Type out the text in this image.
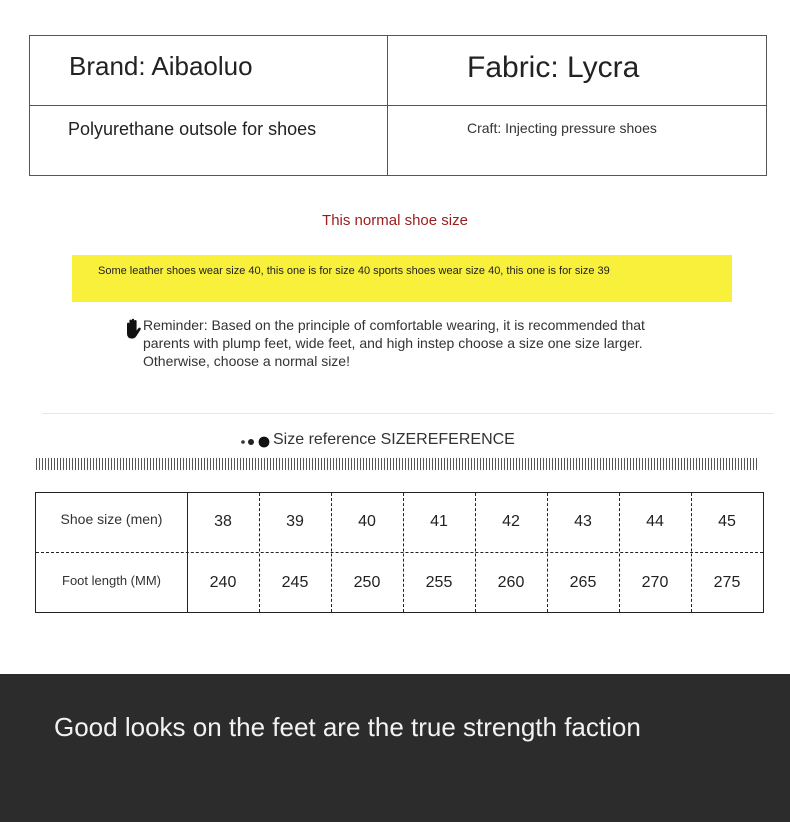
Brand: Aibaoluo	Fabric: Lycra
Polyurethane outsole for shoes	Craft: Injecting pressure shoes
This normal shoe size
Some leather shoes wear size 40, this one is for size 40 sports shoes wear size 40, this one is for size 39
Reminder: Based on the principle of comfortable wearing, it is recommended that parents with plump feet, wide feet, and high instep choose a size one size larger. Otherwise, choose a normal size!
Size reference SIZEREFERENCE
Shoe size (men)
Foot length (MM)
38
240
39
245
40
250
41
255
42
260
43
265
44
270
45
275
Good looks on the feet are the true strength faction
